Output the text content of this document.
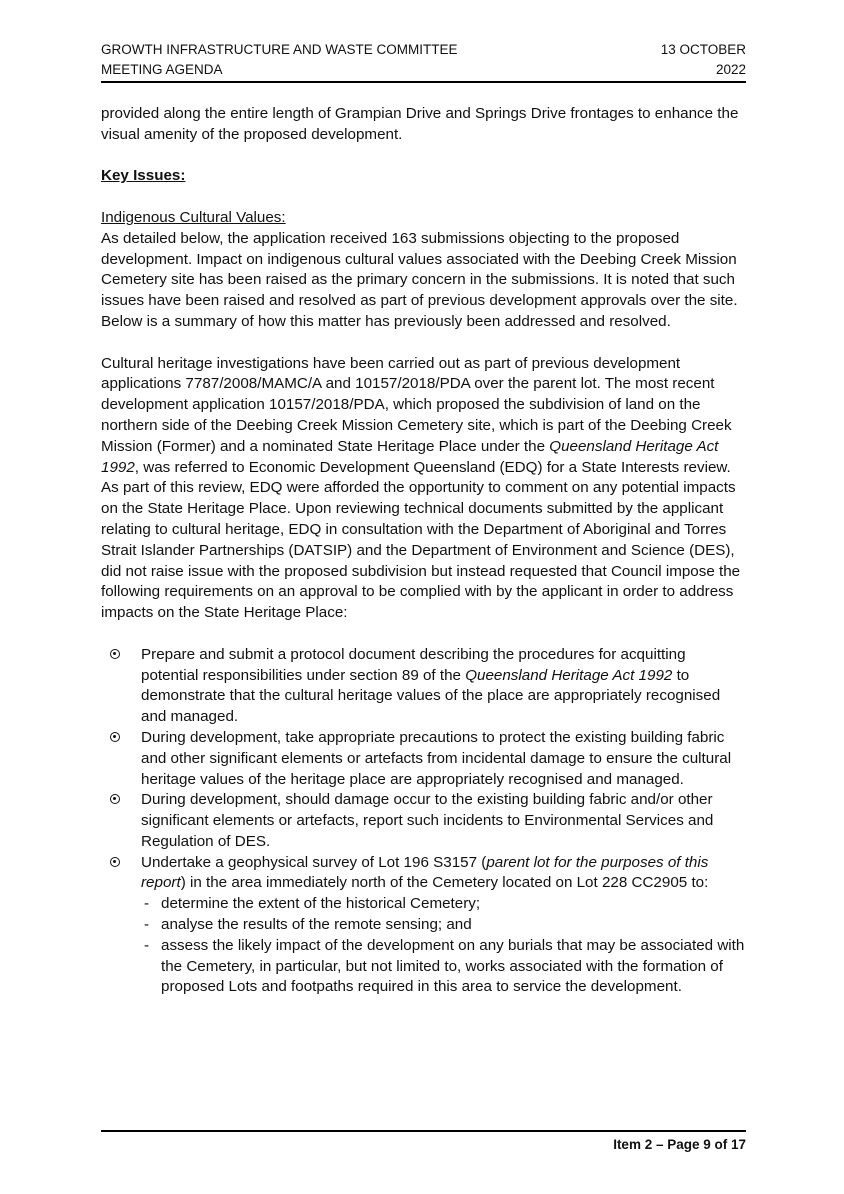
GROWTH INFRASTRUCTURE AND WASTE COMMITTEE
MEETING AGENDA
13 OCTOBER
2022

provided along the entire length of Grampian Drive and Springs Drive frontages to enhance the visual amenity of the proposed development.

Key Issues:

Indigenous Cultural Values:

As detailed below, the application received 163 submissions objecting to the proposed development. Impact on indigenous cultural values associated with the Deebing Creek Mission Cemetery site has been raised as the primary concern in the submissions. It is noted that such issues have been raised and resolved as part of previous development approvals over the site. Below is a summary of how this matter has previously been addressed and resolved.

Cultural heritage investigations have been carried out as part of previous development applications 7787/2008/MAMC/A and 10157/2018/PDA over the parent lot. The most recent development application 10157/2018/PDA, which proposed the subdivision of land on the northern side of the Deebing Creek Mission Cemetery site, which is part of the Deebing Creek Mission (Former) and a nominated State Heritage Place under the Queensland Heritage Act 1992, was referred to Economic Development Queensland (EDQ) for a State Interests review. As part of this review, EDQ were afforded the opportunity to comment on any potential impacts on the State Heritage Place. Upon reviewing technical documents submitted by the applicant relating to cultural heritage, EDQ in consultation with the Department of Aboriginal and Torres Strait Islander Partnerships (DATSIP) and the Department of Environment and Science (DES), did not raise issue with the proposed subdivision but instead requested that Council impose the following requirements on an approval to be complied with by the applicant in order to address impacts on the State Heritage Place:

Prepare and submit a protocol document describing the procedures for acquitting potential responsibilities under section 89 of the Queensland Heritage Act 1992 to demonstrate that the cultural heritage values of the place are appropriately recognised and managed.
During development, take appropriate precautions to protect the existing building fabric and other significant elements or artefacts from incidental damage to ensure the cultural heritage values of the heritage place are appropriately recognised and managed.
During development, should damage occur to the existing building fabric and/or other significant elements or artefacts, report such incidents to Environmental Services and Regulation of DES.
Undertake a geophysical survey of Lot 196 S3157 (parent lot for the purposes of this report) in the area immediately north of the Cemetery located on Lot 228 CC2905 to:
- determine the extent of the historical Cemetery;
- analyse the results of the remote sensing; and
- assess the likely impact of the development on any burials that may be associated with the Cemetery, in particular, but not limited to, works associated with the formation of proposed Lots and footpaths required in this area to service the development.
Item 2 – Page 9 of 17
